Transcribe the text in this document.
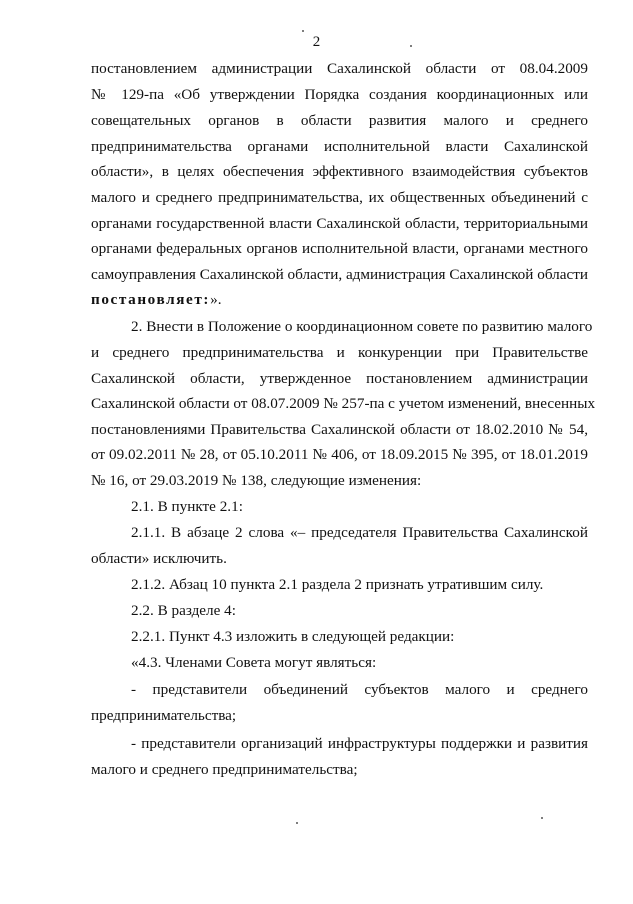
2
постановлением администрации Сахалинской области от 08.04.2009
№ 129-па «Об утверждении Порядка создания координационных или
совещательных органов в области развития малого и среднего
предпринимательства органами исполнительной власти Сахалинской
области», в целях обеспечения эффективного взаимодействия субъектов
малого и среднего предпринимательства, их общественных объединений с
органами государственной власти Сахалинской области, территориальными
органами федеральных органов исполнительной власти, органами местного
самоуправления Сахалинской области, администрация Сахалинской области
постановляет:».
2. Внести в Положение о координационном совете по развитию малого
и среднего предпринимательства и конкуренции при Правительстве
Сахалинской области, утвержденное постановлением администрации
Сахалинской области от 08.07.2009 № 257-па с учетом изменений, внесенных
постановлениями Правительства Сахалинской области от 18.02.2010 № 54,
от 09.02.2011 № 28, от 05.10.2011 № 406, от 18.09.2015 № 395, от 18.01.2019
№ 16, от 29.03.2019 № 138, следующие изменения:
2.1. В пункте 2.1:
2.1.1. В абзаце 2 слова «– председателя Правительства Сахалинской
области» исключить.
2.1.2. Абзац 10 пункта 2.1 раздела 2 признать утратившим силу.
2.2. В разделе 4:
2.2.1. Пункт 4.3 изложить в следующей редакции:
«4.3. Членами Совета могут являться:
- представители объединений субъектов малого и среднего
предпринимательства;
- представители организаций инфраструктуры поддержки и развития
малого и среднего предпринимательства;
